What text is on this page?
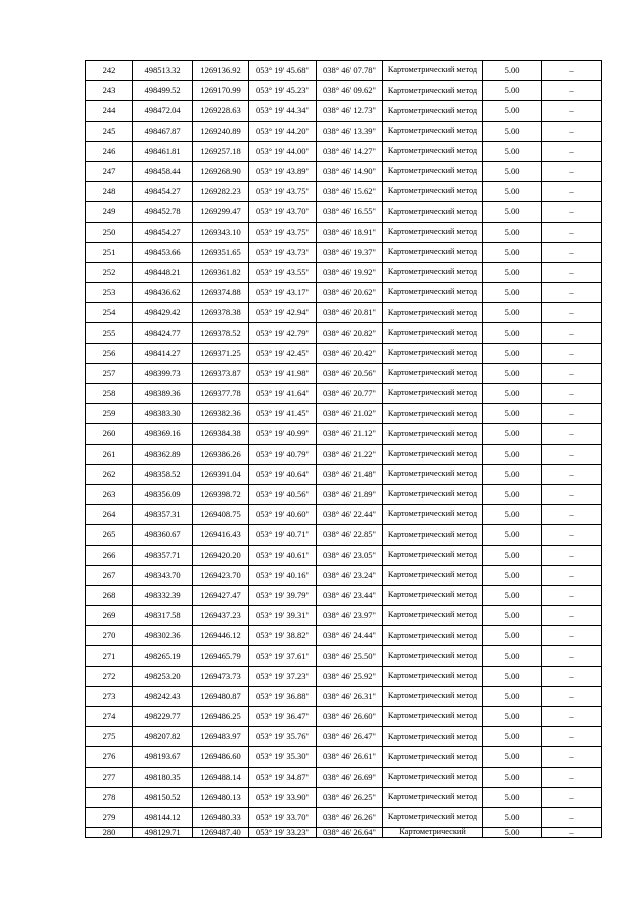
242	498513.32	1269136.92	053° 19' 45.68"	038° 46' 07.78"	Картометрический метод	5.00	–
243	498499.52	1269170.99	053° 19' 45.23"	038° 46' 09.62"	Картометрический метод	5.00	–
244	498472.04	1269228.63	053° 19' 44.34"	038° 46' 12.73"	Картометрический метод	5.00	–
245	498467.87	1269240.89	053° 19' 44.20"	038° 46' 13.39"	Картометрический метод	5.00	–
246	498461.81	1269257.18	053° 19' 44.00"	038° 46' 14.27"	Картометрический метод	5.00	–
247	498458.44	1269268.90	053° 19' 43.89"	038° 46' 14.90"	Картометрический метод	5.00	–
248	498454.27	1269282.23	053° 19' 43.75"	038° 46' 15.62"	Картометрический метод	5.00	–
249	498452.78	1269299.47	053° 19' 43.70"	038° 46' 16.55"	Картометрический метод	5.00	–
250	498454.27	1269343.10	053° 19' 43.75"	038° 46' 18.91"	Картометрический метод	5.00	–
251	498453.66	1269351.65	053° 19' 43.73"	038° 46' 19.37"	Картометрический метод	5.00	–
252	498448.21	1269361.82	053° 19' 43.55"	038° 46' 19.92"	Картометрический метод	5.00	–
253	498436.62	1269374.88	053° 19' 43.17"	038° 46' 20.62"	Картометрический метод	5.00	–
254	498429.42	1269378.38	053° 19' 42.94"	038° 46' 20.81"	Картометрический метод	5.00	–
255	498424.77	1269378.52	053° 19' 42.79"	038° 46' 20.82"	Картометрический метод	5.00	–
256	498414.27	1269371.25	053° 19' 42.45"	038° 46' 20.42"	Картометрический метод	5.00	–
257	498399.73	1269373.87	053° 19' 41.98"	038° 46' 20.56"	Картометрический метод	5.00	–
258	498389.36	1269377.78	053° 19' 41.64"	038° 46' 20.77"	Картометрический метод	5.00	–
259	498383.30	1269382.36	053° 19' 41.45"	038° 46' 21.02"	Картометрический метод	5.00	–
260	498369.16	1269384.38	053° 19' 40.99"	038° 46' 21.12"	Картометрический метод	5.00	–
261	498362.89	1269386.26	053° 19' 40.79"	038° 46' 21.22"	Картометрический метод	5.00	–
262	498358.52	1269391.04	053° 19' 40.64"	038° 46' 21.48"	Картометрический метод	5.00	–
263	498356.09	1269398.72	053° 19' 40.56"	038° 46' 21.89"	Картометрический метод	5.00	–
264	498357.31	1269408.75	053° 19' 40.60"	038° 46' 22.44"	Картометрический метод	5.00	–
265	498360.67	1269416.43	053° 19' 40.71"	038° 46' 22.85"	Картометрический метод	5.00	–
266	498357.71	1269420.20	053° 19' 40.61"	038° 46' 23.05"	Картометрический метод	5.00	–
267	498343.70	1269423.70	053° 19' 40.16"	038° 46' 23.24"	Картометрический метод	5.00	–
268	498332.39	1269427.47	053° 19' 39.79"	038° 46' 23.44"	Картометрический метод	5.00	–
269	498317.58	1269437.23	053° 19' 39.31"	038° 46' 23.97"	Картометрический метод	5.00	–
270	498302.36	1269446.12	053° 19' 38.82"	038° 46' 24.44"	Картометрический метод	5.00	–
271	498265.19	1269465.79	053° 19' 37.61"	038° 46' 25.50"	Картометрический метод	5.00	–
272	498253.20	1269473.73	053° 19' 37.23"	038° 46' 25.92"	Картометрический метод	5.00	–
273	498242.43	1269480.87	053° 19' 36.88"	038° 46' 26.31"	Картометрический метод	5.00	–
274	498229.77	1269486.25	053° 19' 36.47"	038° 46' 26.60"	Картометрический метод	5.00	–
275	498207.82	1269483.97	053° 19' 35.76"	038° 46' 26.47"	Картометрический метод	5.00	–
276	498193.67	1269486.60	053° 19' 35.30"	038° 46' 26.61"	Картометрический метод	5.00	–
277	498180.35	1269488.14	053° 19' 34.87"	038° 46' 26.69"	Картометрический метод	5.00	–
278	498150.52	1269480.13	053° 19' 33.90"	038° 46' 26.25"	Картометрический метод	5.00	–
279	498144.12	1269480.33	053° 19' 33.70"	038° 46' 26.26"	Картометрический метод	5.00	–
280	498129.71	1269487.40	053° 19' 33.23"	038° 46' 26.64"	Картометрический	5.00	–
